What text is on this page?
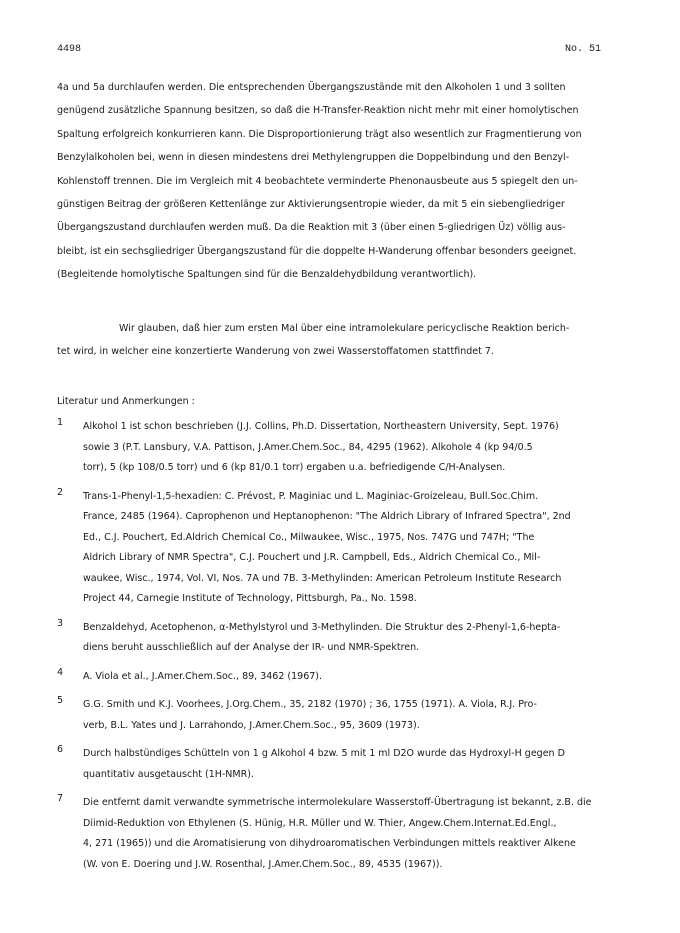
4498	No. 51
4a und 5a durchlaufen werden. Die entsprechenden Übergangszustände mit den Alkoholen 1 und 3 sollten
genügend zusätzliche Spannung besitzen, so daß die H-Transfer-Reaktion nicht mehr mit einer homolytischen
Spaltung erfolgreich konkurrieren kann. Die Disproportionierung trägt also wesentlich zur Fragmentierung von
Benzylalkoholen bei, wenn in diesen mindestens drei Methylengruppen die Doppelbindung und den Benzyl-
Kohlenstoff trennen. Die im Vergleich mit 4 beobachtete verminderte Phenonausbeute aus 5 spiegelt den un-
günstigen Beitrag der größeren Kettenlänge zur Aktivierungsentropie wieder, da mit 5 ein siebengliedriger
Übergangszustand durchlaufen werden muß. Da die Reaktion mit 3 (über einen 5-gliedrigen Üz) völlig aus-
bleibt, ist ein sechsgliedriger Übergangszustand für die doppelte H-Wanderung offenbar besonders geeignet.
(Begleitende homolytische Spaltungen sind für die Benzaldehydbildung verantwortlich).
Wir glauben, daß hier zum ersten Mal über eine intramolekulare pericyclische Reaktion berich-
tet wird, in welcher eine konzertierte Wanderung von zwei Wasserstoffatomen stattfindet 7.
Literatur und Anmerkungen :
1	Alkohol 1 ist schon beschrieben (J.J. Collins, Ph.D. Dissertation, Northeastern University, Sept. 1976)
sowie 3 (P.T. Lansbury, V.A. Pattison, J.Amer.Chem.Soc., 84, 4295 (1962). Alkohole 4 (kp 94/0.5
torr), 5 (kp 108/0.5 torr) und 6 (kp 81/0.1 torr) ergaben u.a. befriedigende C/H-Analysen.
2	Trans-1-Phenyl-1,5-hexadien: C. Prévost, P. Maginiac und L. Maginiac-Groizeleau, Bull.Soc.Chim.
France, 2485 (1964). Caprophenon und Heptanophenon: "The Aldrich Library of Infrared Spectra", 2nd
Ed., C.J. Pouchert, Ed.Aldrich Chemical Co., Milwaukee, Wisc., 1975, Nos. 747G und 747H; "The
Aldrich Library of NMR Spectra", C.J. Pouchert und J.R. Campbell, Eds., Aldrich Chemical Co., Mil-
waukee, Wisc., 1974, Vol. VI, Nos. 7A und 7B. 3-Methylinden: American Petroleum Institute Research
Project 44, Carnegie Institute of Technology, Pittsburgh, Pa., No. 1598.
3	Benzaldehyd, Acetophenon, α-Methylstyrol und 3-Methylinden. Die Struktur des 2-Phenyl-1,6-hepta-
diens beruht ausschließlich auf der Analyse der IR- und NMR-Spektren.
4	A. Viola et al., J.Amer.Chem.Soc., 89, 3462 (1967).
5	G.G. Smith und K.J. Voorhees, J.Org.Chem., 35, 2182 (1970) ; 36, 1755 (1971). A. Viola, R.J. Pro-
verb, B.L. Yates und J. Larrahondo, J.Amer.Chem.Soc., 95, 3609 (1973).
6	Durch halbstündiges Schütteln von 1 g Alkohol 4 bzw. 5 mit 1 ml D2O wurde das Hydroxyl-H gegen D
quantitativ ausgetauscht (1H-NMR).
7	Die entfernt damit verwandte symmetrische intermolekulare Wasserstoff-Übertragung ist bekannt, z.B. die
Diimid-Reduktion von Ethylenen (S. Hünig, H.R. Müller und W. Thier, Angew.Chem.Internat.Ed.Engl.,
4, 271 (1965)) und die Aromatisierung von dihydroaromatischen Verbindungen mittels reaktiver Alkene
(W. von E. Doering und J.W. Rosenthal, J.Amer.Chem.Soc., 89, 4535 (1967)).
